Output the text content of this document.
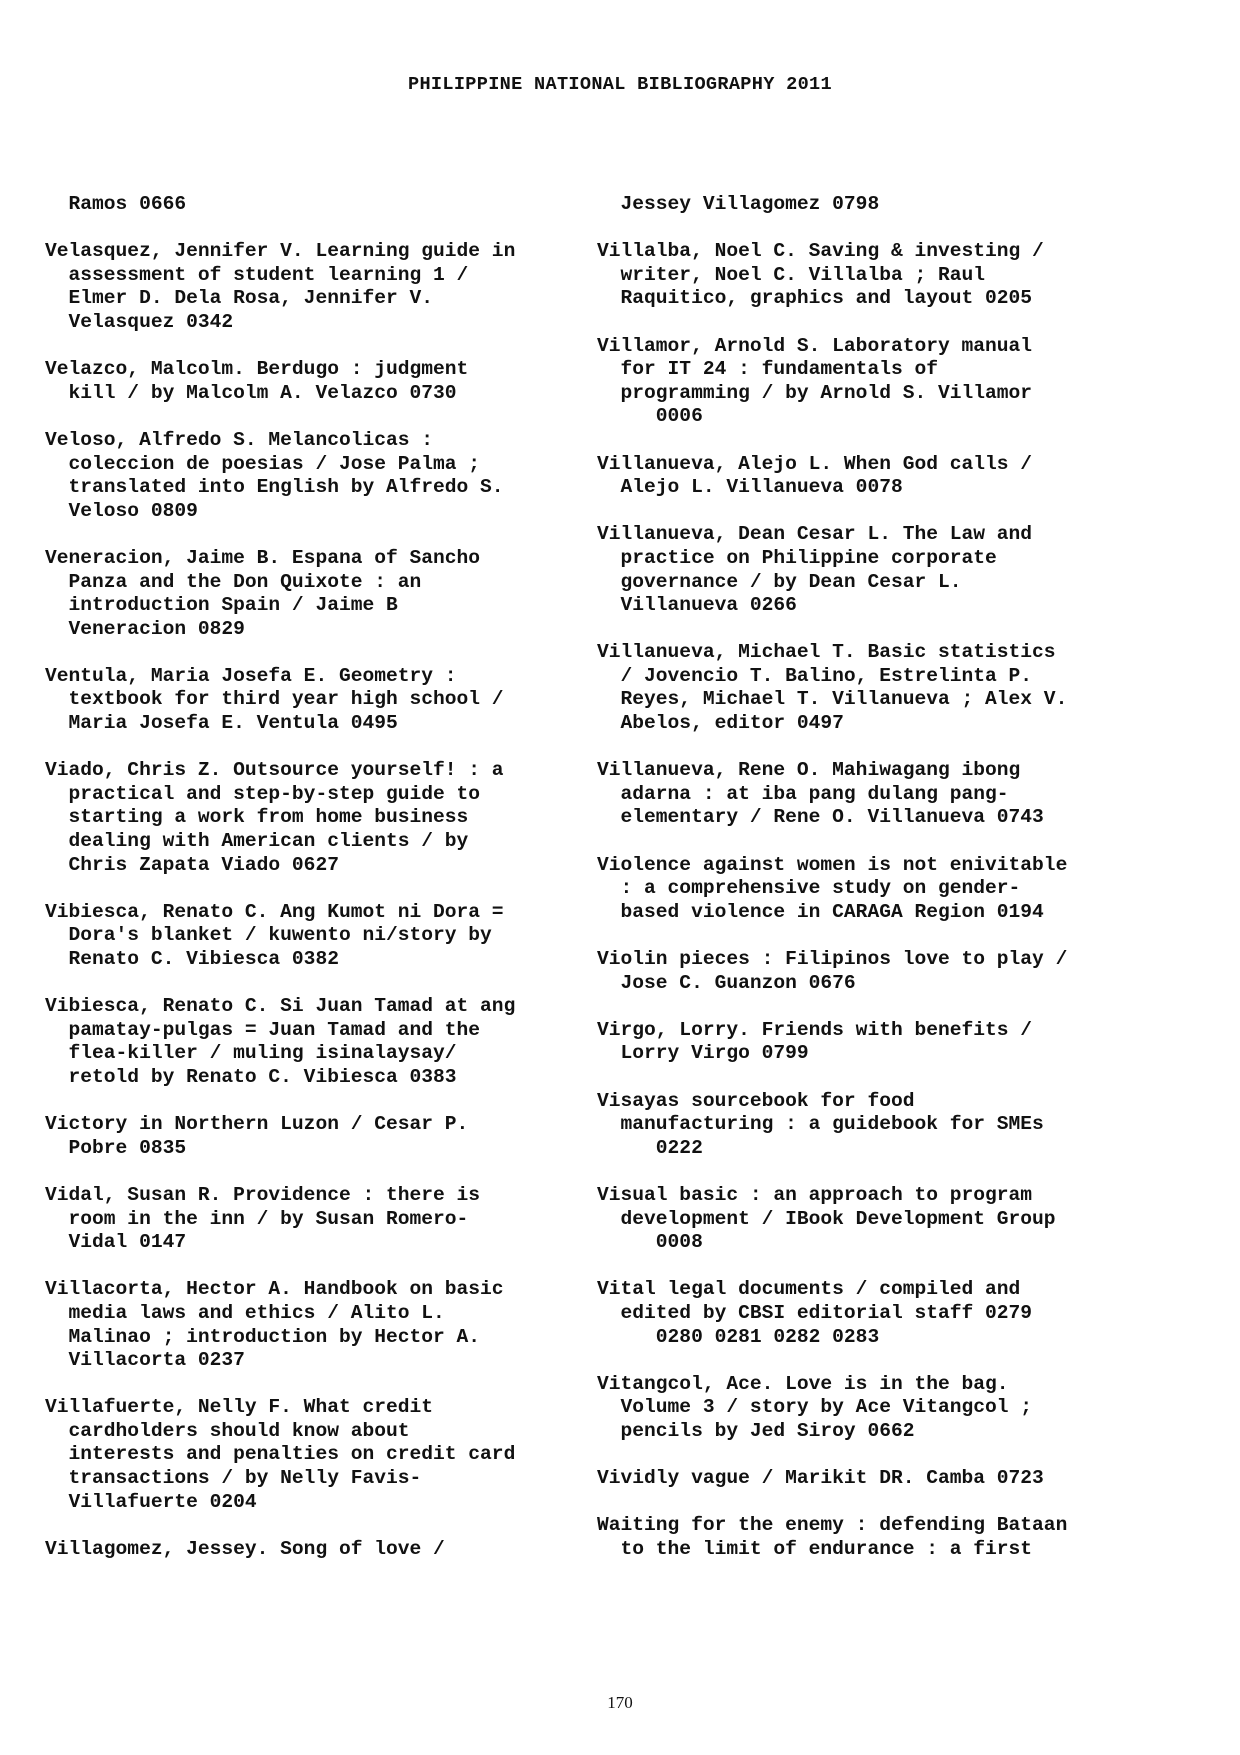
PHILIPPINE NATIONAL BIBLIOGRAPHY 2011
Ramos 0666
Velasquez, Jennifer V. Learning guide in
assessment of student learning 1 /
Elmer D. Dela Rosa, Jennifer V.
Velasquez 0342
Velazco, Malcolm. Berdugo : judgment
kill / by Malcolm A. Velazco 0730
Veloso, Alfredo S. Melancolicas :
coleccion de poesias / Jose Palma ;
translated into English by Alfredo S.
Veloso 0809
Veneracion, Jaime B. Espana of Sancho
Panza and the Don Quixote : an
introduction Spain / Jaime B
Veneracion 0829
Ventula, Maria Josefa E. Geometry :
textbook for third year high school /
Maria Josefa E. Ventula 0495
Viado, Chris Z. Outsource yourself! : a
practical and step-by-step guide to
starting a work from home business
dealing with American clients / by
Chris Zapata Viado 0627
Vibiesca, Renato C. Ang Kumot ni Dora =
Dora's blanket / kuwento ni/story by
Renato C. Vibiesca 0382
Vibiesca, Renato C. Si Juan Tamad at ang
pamatay-pulgas = Juan Tamad and the
flea-killer / muling isinalaysay/
retold by Renato C. Vibiesca 0383
Victory in Northern Luzon / Cesar P.
Pobre 0835
Vidal, Susan R. Providence : there is
room in the inn / by Susan Romero-
Vidal 0147
Villacorta, Hector A. Handbook on basic
media laws and ethics / Alito L.
Malinao ; introduction by Hector A.
Villacorta 0237
Villafuerte, Nelly F. What credit
cardholders should know about
interests and penalties on credit card
transactions / by Nelly Favis-
Villafuerte 0204
Villagomez, Jessey. Song of love /
Jessey Villagomez 0798
Villalba, Noel C. Saving & investing /
writer, Noel C. Villalba ; Raul
Raquitico, graphics and layout 0205
Villamor, Arnold S. Laboratory manual
for IT 24 : fundamentals of
programming / by Arnold S. Villamor
0006
Villanueva, Alejo L. When God calls /
Alejo L. Villanueva 0078
Villanueva, Dean Cesar L. The Law and
practice on Philippine corporate
governance / by Dean Cesar L.
Villanueva 0266
Villanueva, Michael T. Basic statistics
/ Jovencio T. Balino, Estrelinta P.
Reyes, Michael T. Villanueva ; Alex V.
Abelos, editor 0497
Villanueva, Rene O. Mahiwagang ibong
adarna : at iba pang dulang pang-
elementary / Rene O. Villanueva 0743
Violence against women is not enivitable
: a comprehensive study on gender-
based violence in CARAGA Region 0194
Violin pieces : Filipinos love to play /
Jose C. Guanzon 0676
Virgo, Lorry. Friends with benefits /
Lorry Virgo 0799
Visayas sourcebook for food
manufacturing : a guidebook for SMEs
0222
Visual basic : an approach to program
development / IBook Development Group
0008
Vital legal documents / compiled and
edited by CBSI editorial staff 0279
0280 0281 0282 0283
Vitangcol, Ace. Love is in the bag.
Volume 3 / story by Ace Vitangcol ;
pencils by Jed Siroy 0662
Vividly vague / Marikit DR. Camba 0723
Waiting for the enemy : defending Bataan
to the limit of endurance : a first
170
